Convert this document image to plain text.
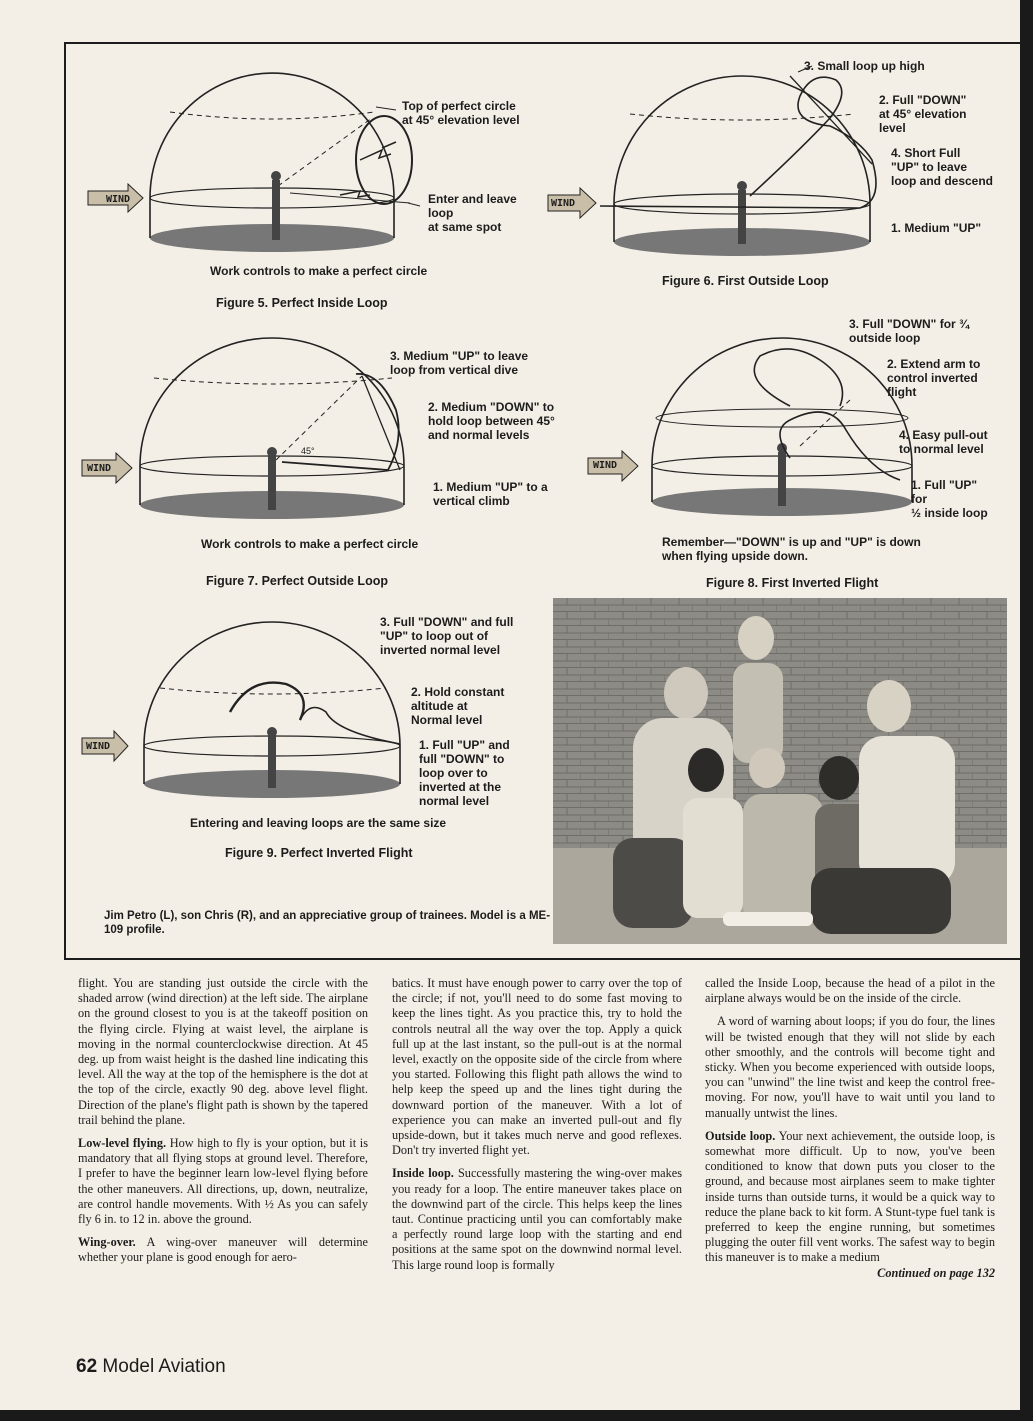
WIND
Top of perfect circle
at 45° elevation level
Enter and leave
loop
at same spot
Work controls to make a perfect circle
Figure 5. Perfect Inside Loop
WIND
3. Small loop up high
2. Full "DOWN"
at 45° elevation
level
4. Short Full
"UP" to leave
loop and descend
1. Medium "UP"
Figure 6. First Outside Loop
WIND
45°
3. Medium "UP" to leave
loop from vertical dive
2. Medium "DOWN" to
hold loop between 45°
and normal levels
1. Medium "UP" to a
vertical climb
Work controls to make a perfect circle
Figure 7. Perfect Outside Loop
WIND
3. Full "DOWN" for ¾
outside loop
2. Extend arm to
control inverted
flight
4. Easy pull-out
to normal level
1. Full "UP"
for
½ inside loop
Remember—"DOWN" is up and "UP" is down
when flying upside down.
Figure 8. First Inverted Flight
WIND
3. Full "DOWN" and full
"UP" to loop out of
inverted normal level
2. Hold constant
altitude at
Normal level
1. Full "UP" and
full "DOWN" to
loop over to
inverted at the
normal level
Entering and leaving loops are the same size
Figure 9. Perfect Inverted Flight
Jim Petro (L), son Chris (R), and an appreciative group of trainees. Model is a ME-109 profile.

flight. You are standing just outside the circle with the shaded arrow (wind direction) at the left side. The airplane on the ground closest to you is at the takeoff position on the flying circle. Flying at waist level, the airplane is moving in the normal counterclockwise direction. At 45 deg. up from waist height is the dashed line indicating this level. All the way at the top of the hemisphere is the dot at the top of the circle, exactly 90 deg. above level flight. Direction of the plane's flight path is shown by the tapered trail behind the plane.

Low-level flying. How high to fly is your option, but it is mandatory that all flying stops at ground level. Therefore, I prefer to have the beginner learn low-level flying before the other maneuvers. All directions, up, down, neutralize, are control handle movements. With ½ As you can safely fly 6 in. to 12 in. above the ground.

Wing-over. A wing-over maneuver will determine whether your plane is good enough for aero-

batics. It must have enough power to carry over the top of the circle; if not, you'll need to do some fast moving to keep the lines tight. As you practice this, try to hold the controls neutral all the way over the top. Apply a quick full up at the last instant, so the pull-out is at the normal level, exactly on the opposite side of the circle from where you started. Following this flight path allows the wind to help keep the speed up and the lines tight during the downward portion of the maneuver. With a lot of experience you can make an inverted pull-out and fly upside-down, but it takes much nerve and good reflexes. Don't try inverted flight yet.

Inside loop. Successfully mastering the wing-over makes you ready for a loop. The entire maneuver takes place on the downwind part of the circle. This helps keep the lines taut. Continue practicing until you can comfortably make a perfectly round large loop with the starting and end positions at the same spot on the downwind normal level. This large round loop is formally

called the Inside Loop, because the head of a pilot in the airplane always would be on the inside of the circle.

A word of warning about loops; if you do four, the lines will be twisted enough that they will not slide by each other smoothly, and the controls will become tight and sticky. When you become experienced with outside loops, you can "unwind" the line twist and keep the control free-moving. For now, you'll have to wait until you land to manually untwist the lines.

Outside loop. Your next achievement, the outside loop, is somewhat more difficult. Up to now, you've been conditioned to know that down puts you closer to the ground, and because most airplanes seem to make tighter inside turns than outside turns, it would be a quick way to reduce the plane back to kit form. A Stunt-type fuel tank is preferred to keep the engine running, but sometimes plugging the outer fill vent works. The safest way to begin this maneuver is to make a medium

Continued on page 132
62 Model Aviation
